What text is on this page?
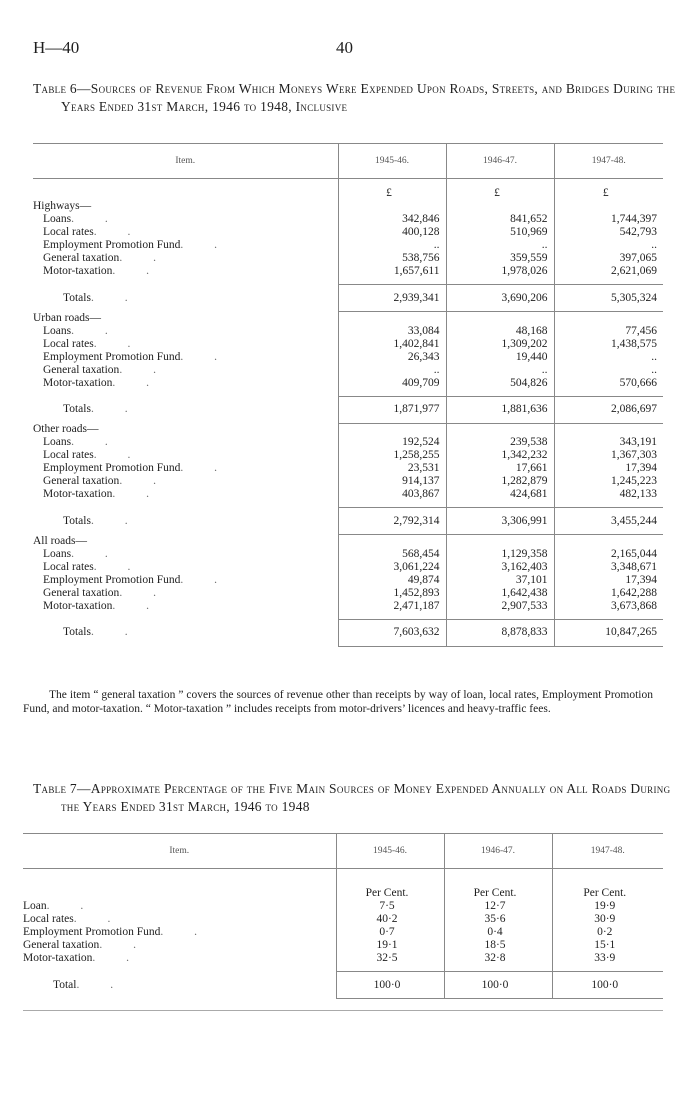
H—40	40
Table 6—Sources of Revenue From Which Moneys Were Expended Upon Roads, Streets, and Bridges During the Years Ended 31st March, 1946 to 1948, Inclusive
Item.	1945-46.	1946-47.	1947-48.
	£	£	£
Highways—			
Loans. .	342,846	841,652	1,744,397
Local rates. .	400,128	510,969	542,793
Employment Promotion Fund. .	..	..	..
General taxation. .	538,756	359,559	397,065
Motor-taxation. .	1,657,611	1,978,026	2,621,069

Totals. .	2,939,341	3,690,206	5,305,324
Urban roads—			
Loans. .	33,084	48,168	77,456
Local rates. .	1,402,841	1,309,202	1,438,575
Employment Promotion Fund. .	26,343	19,440	..
General taxation. .	..	..	..
Motor-taxation. .	409,709	504,826	570,666

Totals. .	1,871,977	1,881,636	2,086,697
Other roads—			
Loans. .	192,524	239,538	343,191
Local rates. .	1,258,255	1,342,232	1,367,303
Employment Promotion Fund. .	23,531	17,661	17,394
General taxation. .	914,137	1,282,879	1,245,223
Motor-taxation. .	403,867	424,681	482,133

Totals. .	2,792,314	3,306,991	3,455,244
All roads—			
Loans. .	568,454	1,129,358	2,165,044
Local rates. .	3,061,224	3,162,403	3,348,671
Employment Promotion Fund. .	49,874	37,101	17,394
General taxation. .	1,452,893	1,642,438	1,642,288
Motor-taxation. .	2,471,187	2,907,533	3,673,868

Totals. .	7,603,632	8,878,833	10,847,265
The item “ general taxation ” covers the sources of revenue other than receipts by way of loan, local rates, Employment Promotion Fund, and motor-taxation. “ Motor-taxation ” includes receipts from motor-drivers’ licences and heavy-traffic fees.
Table 7—Approximate Percentage of the Five Main Sources of Money Expended Annually on All Roads During the Years Ended 31st March, 1946 to 1948
Item.	1945-46.	1946-47.	1947-48.
	Per Cent.	Per Cent.	Per Cent.
Loan. .	7·5	12·7	19·9
Local rates. .	40·2	35·6	30·9
Employment Promotion Fund. .	0·7	0·4	0·2
General taxation. .	19·1	18·5	15·1
Motor-taxation. .	32·5	32·8	33·9

Total. .	100·0	100·0	100·0
